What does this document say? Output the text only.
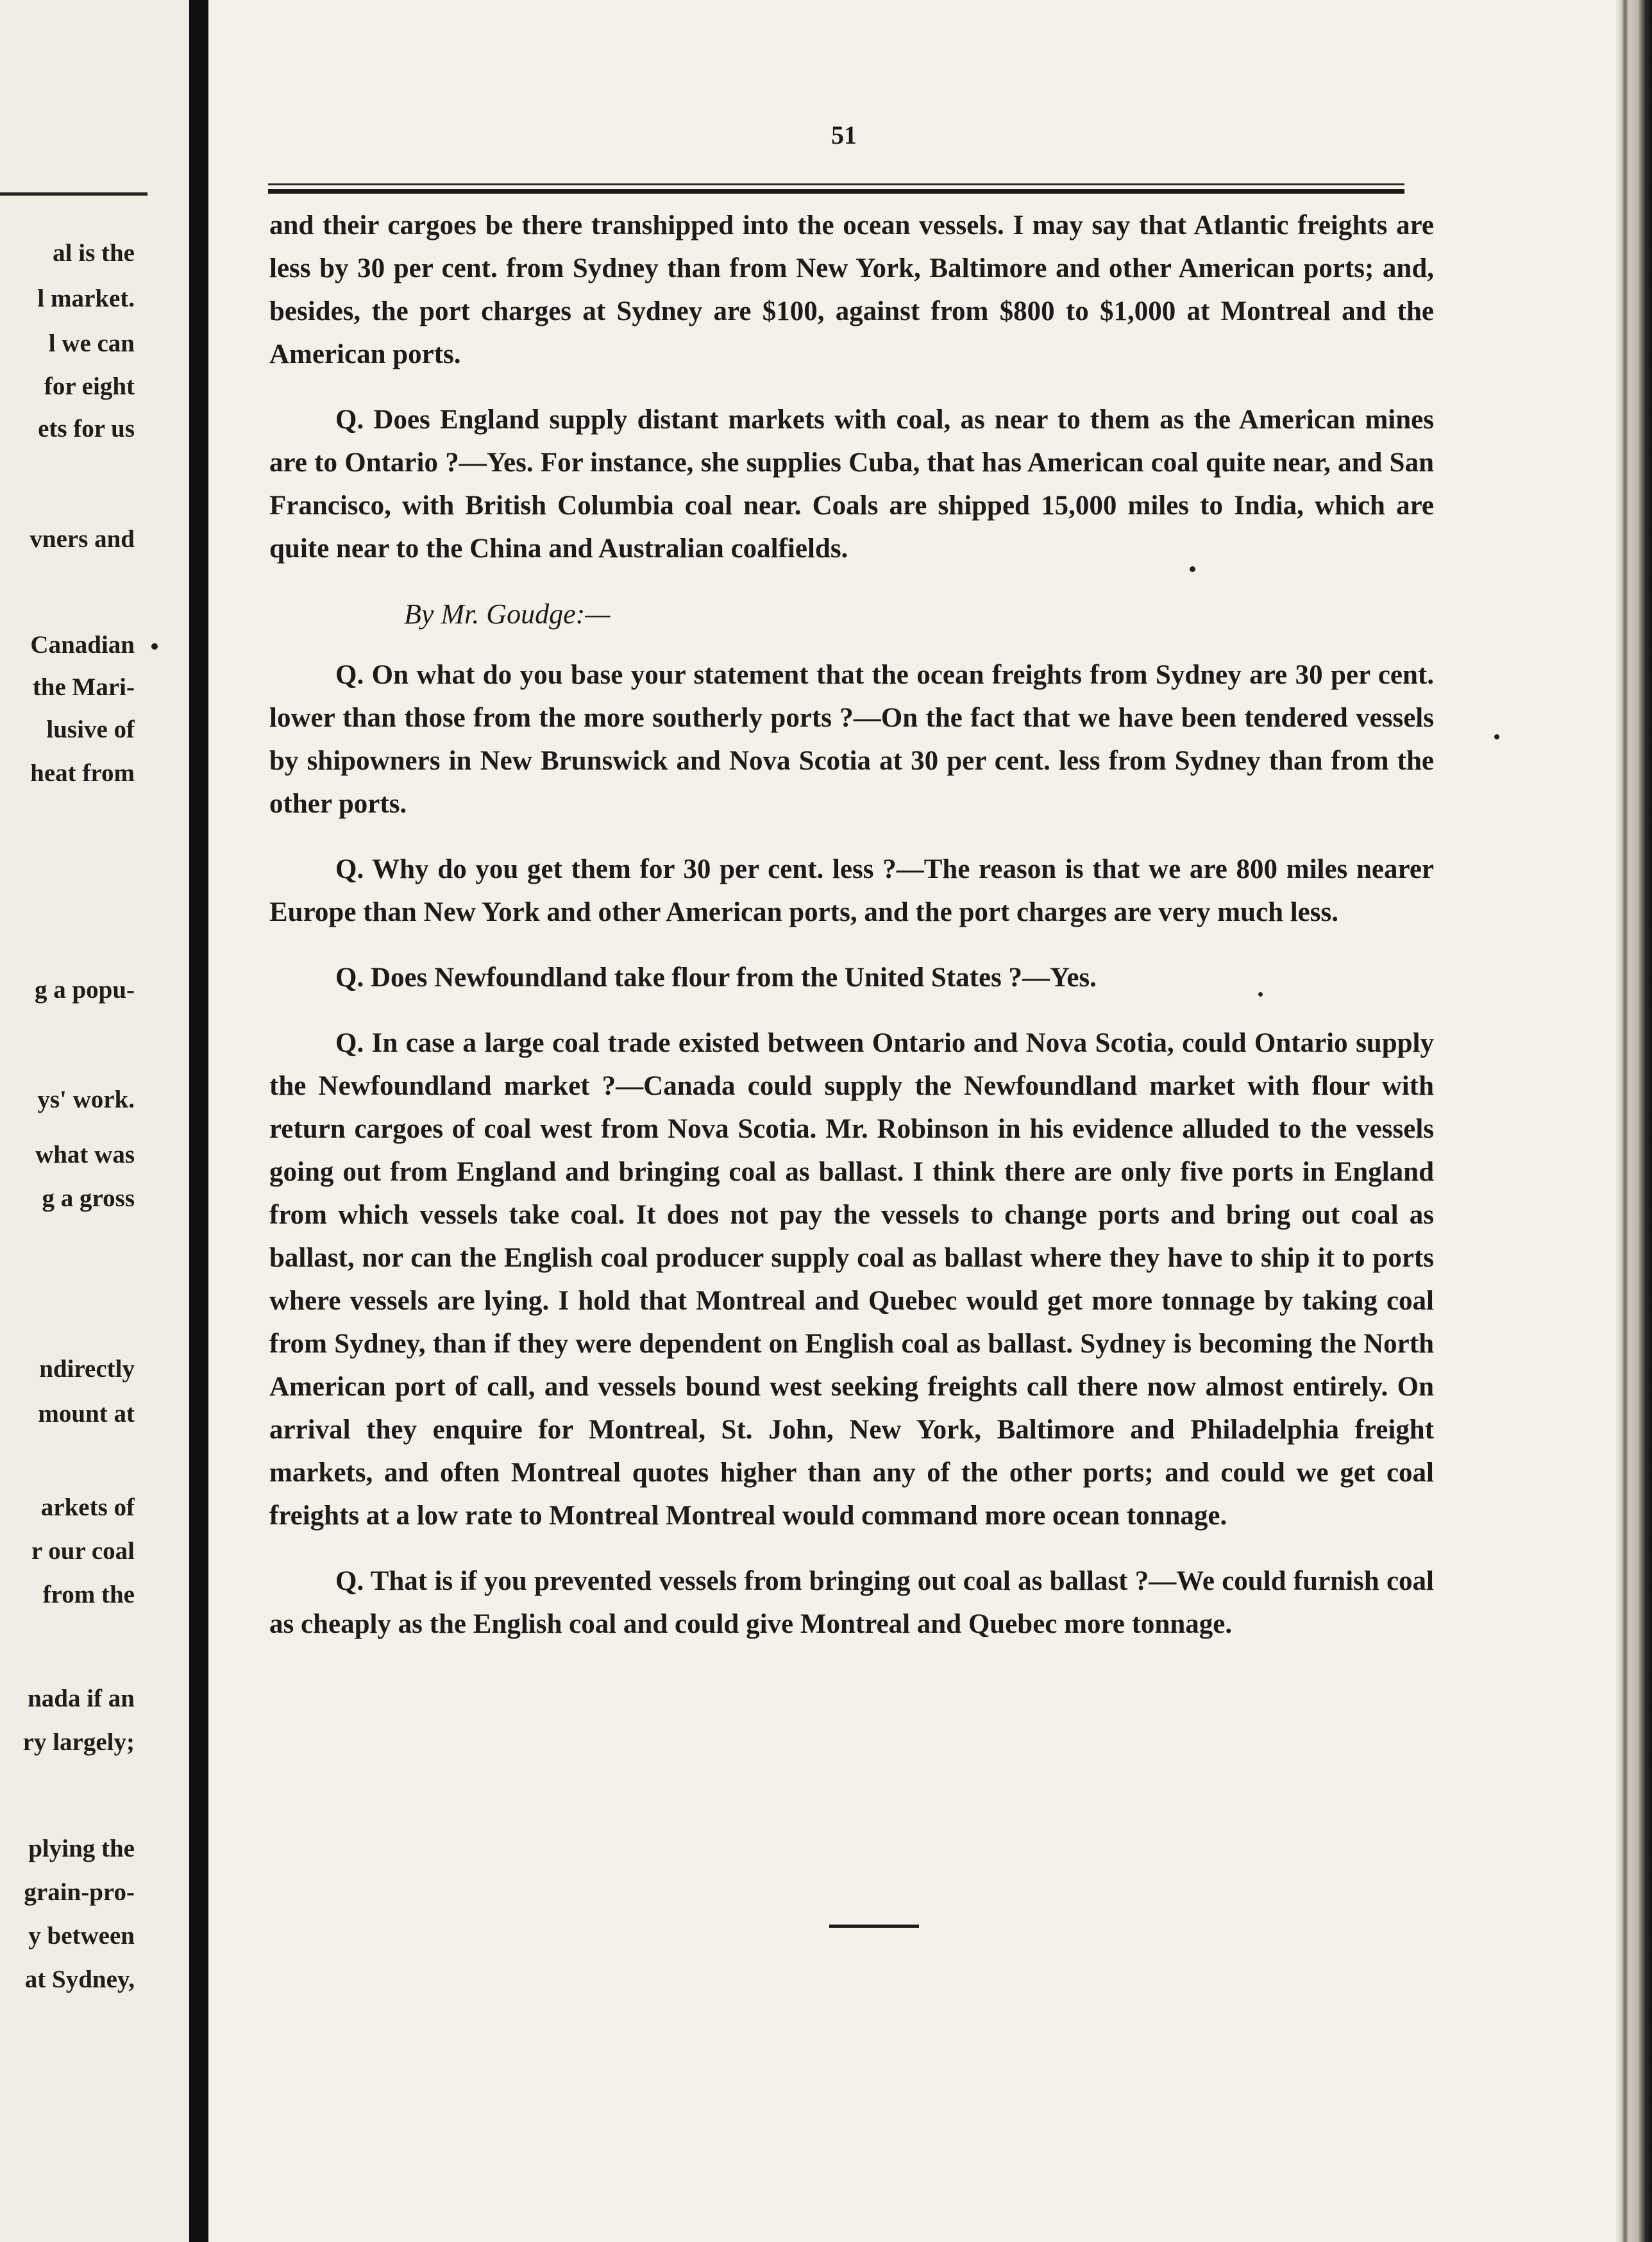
al is the
l market.
l we can
for eight
ets for us
vners and
Canadian
the Mari-
lusive of
heat from
g a popu-
ys' work.
what was
g a gross
ndirectly
mount at
arkets of
r our coal
from the
nada if an
ry largely;
plying the
grain-pro-
y between
at Sydney,
51

and their cargoes be there transhipped into the ocean vessels. I may say that Atlantic freights are less by 30 per cent. from Sydney than from New York, Baltimore and other American ports; and, besides, the port charges at Sydney are $100, against from $800 to $1,000 at Montreal and the American ports.

Q. Does England supply distant markets with coal, as near to them as the American mines are to Ontario ?—Yes. For instance, she supplies Cuba, that has American coal quite near, and San Francisco, with British Columbia coal near. Coals are shipped 15,000 miles to India, which are quite near to the China and Australian coalfields.

By Mr. Goudge:—

Q. On what do you base your statement that the ocean freights from Sydney are 30 per cent. lower than those from the more southerly ports ?—On the fact that we have been tendered vessels by shipowners in New Brunswick and Nova Scotia at 30 per cent. less from Sydney than from the other ports.

Q. Why do you get them for 30 per cent. less ?—The reason is that we are 800 miles nearer Europe than New York and other American ports, and the port charges are very much less.

Q. Does Newfoundland take flour from the United States ?—Yes.

Q. In case a large coal trade existed between Ontario and Nova Scotia, could Ontario supply the Newfoundland market ?—Canada could supply the Newfoundland market with flour with return cargoes of coal west from Nova Scotia. Mr. Robinson in his evidence alluded to the vessels going out from England and bringing coal as ballast. I think there are only five ports in England from which vessels take coal. It does not pay the vessels to change ports and bring out coal as ballast, nor can the English coal producer supply coal as ballast where they have to ship it to ports where vessels are lying. I hold that Montreal and Quebec would get more tonnage by taking coal from Sydney, than if they were dependent on English coal as ballast. Sydney is becoming the North American port of call, and vessels bound west seeking freights call there now almost entirely. On arrival they enquire for Montreal, St. John, New York, Baltimore and Philadelphia freight markets, and often Montreal quotes higher than any of the other ports; and could we get coal freights at a low rate to Montreal Montreal would command more ocean tonnage.

Q. That is if you prevented vessels from bringing out coal as ballast ?—We could furnish coal as cheaply as the English coal and could give Montreal and Quebec more tonnage.
